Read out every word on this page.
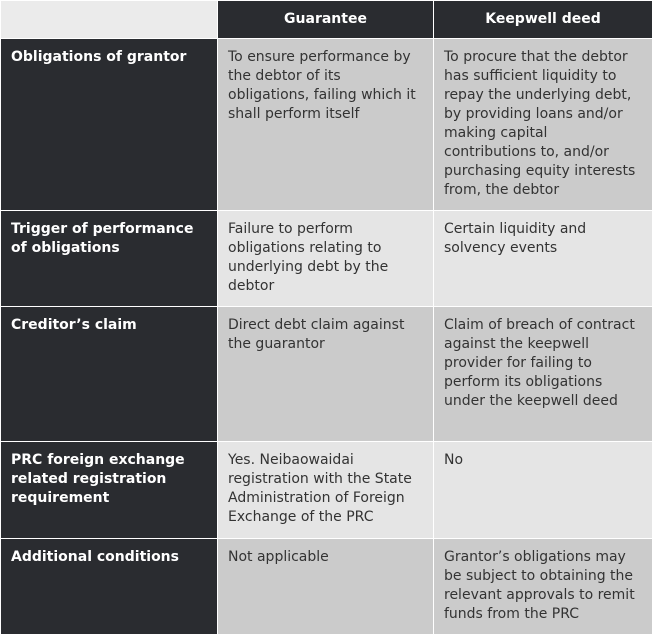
	Guarantee	Keepwell deed
Obligations of grantor	To ensure performance by the debtor of its obligations, failing which it shall perform itself	To procure that the debtor has sufficient liquidity to repay the underlying debt, by providing loans and/or making capital contributions to, and/or purchasing equity interests from, the debtor
Trigger of performance of obligations	Failure to perform obligations relating to underlying debt by the debtor	Certain liquidity and solvency events
Creditor’s claim	Direct debt claim against the guarantor	Claim of breach of contract against the keepwell provider for failing to perform its obligations under the keepwell deed
PRC foreign exchange related registration requirement	Yes. Neibaowaidai registration with the State Administration of Foreign Exchange of the PRC	No
Additional conditions	Not applicable	Grantor’s obligations may be subject to obtaining the relevant approvals to remit funds from the PRC
